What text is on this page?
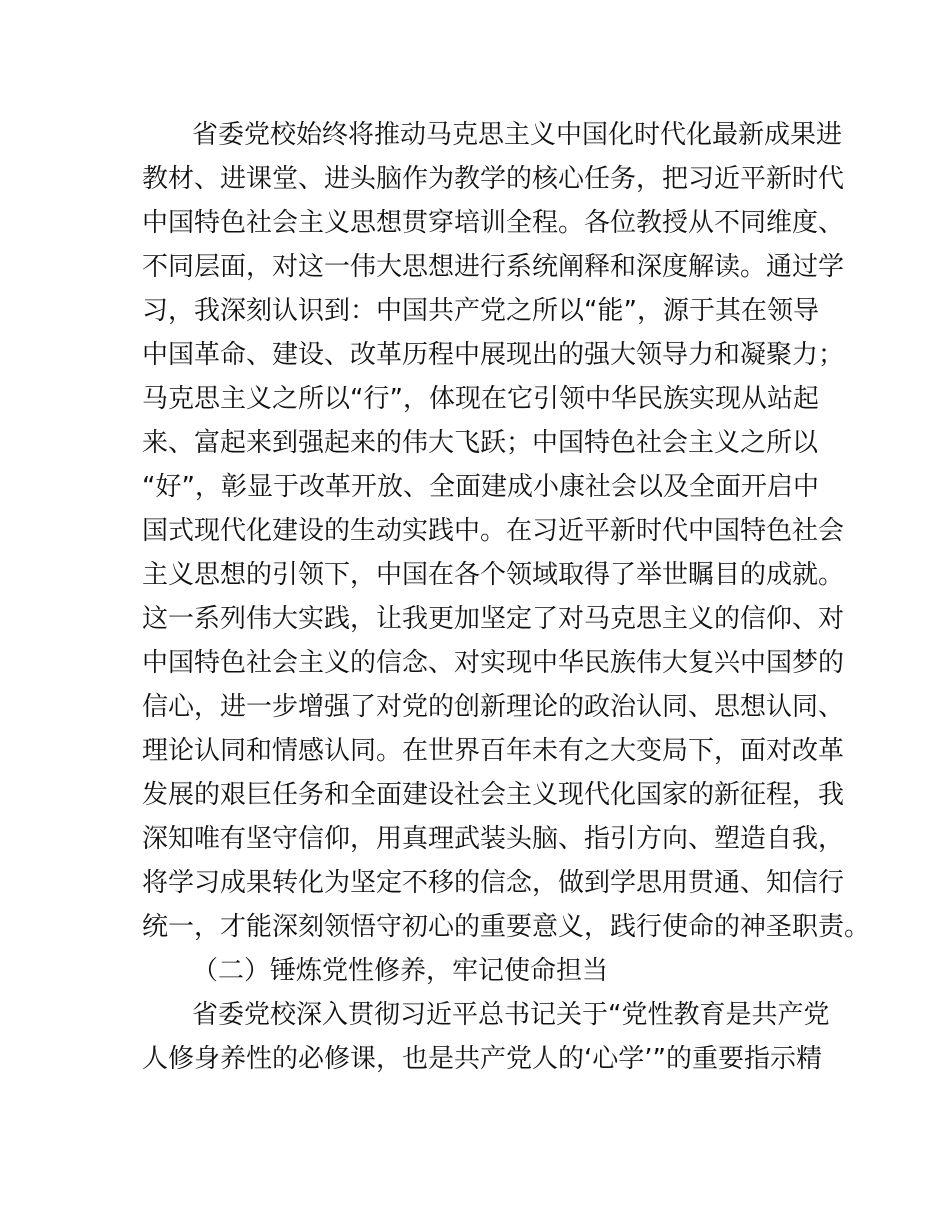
省委党校始终将推动马克思主义中国化时代化最新成果进
教材、进课堂、进头脑作为教学的核心任务，把习近平新时代
中国特色社会主义思想贯穿培训全程。各位教授从不同维度、
不同层面，对这一伟大思想进行系统阐释和深度解读。通过学
习，我深刻认识到：中国共产党之所以“能”，源于其在领导
中国革命、建设、改革历程中展现出的强大领导力和凝聚力；
马克思主义之所以“行”，体现在它引领中华民族实现从站起
来、富起来到强起来的伟大飞跃；中国特色社会主义之所以
“好”，彰显于改革开放、全面建成小康社会以及全面开启中
国式现代化建设的生动实践中。在习近平新时代中国特色社会
主义思想的引领下，中国在各个领域取得了举世瞩目的成就。
这一系列伟大实践，让我更加坚定了对马克思主义的信仰、对
中国特色社会主义的信念、对实现中华民族伟大复兴中国梦的
信心，进一步增强了对党的创新理论的政治认同、思想认同、
理论认同和情感认同。在世界百年未有之大变局下，面对改革
发展的艰巨任务和全面建设社会主义现代化国家的新征程，我
深知唯有坚守信仰，用真理武装头脑、指引方向、塑造自我，
将学习成果转化为坚定不移的信念，做到学思用贯通、知信行
统一，才能深刻领悟守初心的重要意义，践行使命的神圣职责。
（二）锤炼党性修养，牢记使命担当
省委党校深入贯彻习近平总书记关于“党性教育是共产党
人修身养性的必修课，也是共产党人的‘心学’”的重要指示精
